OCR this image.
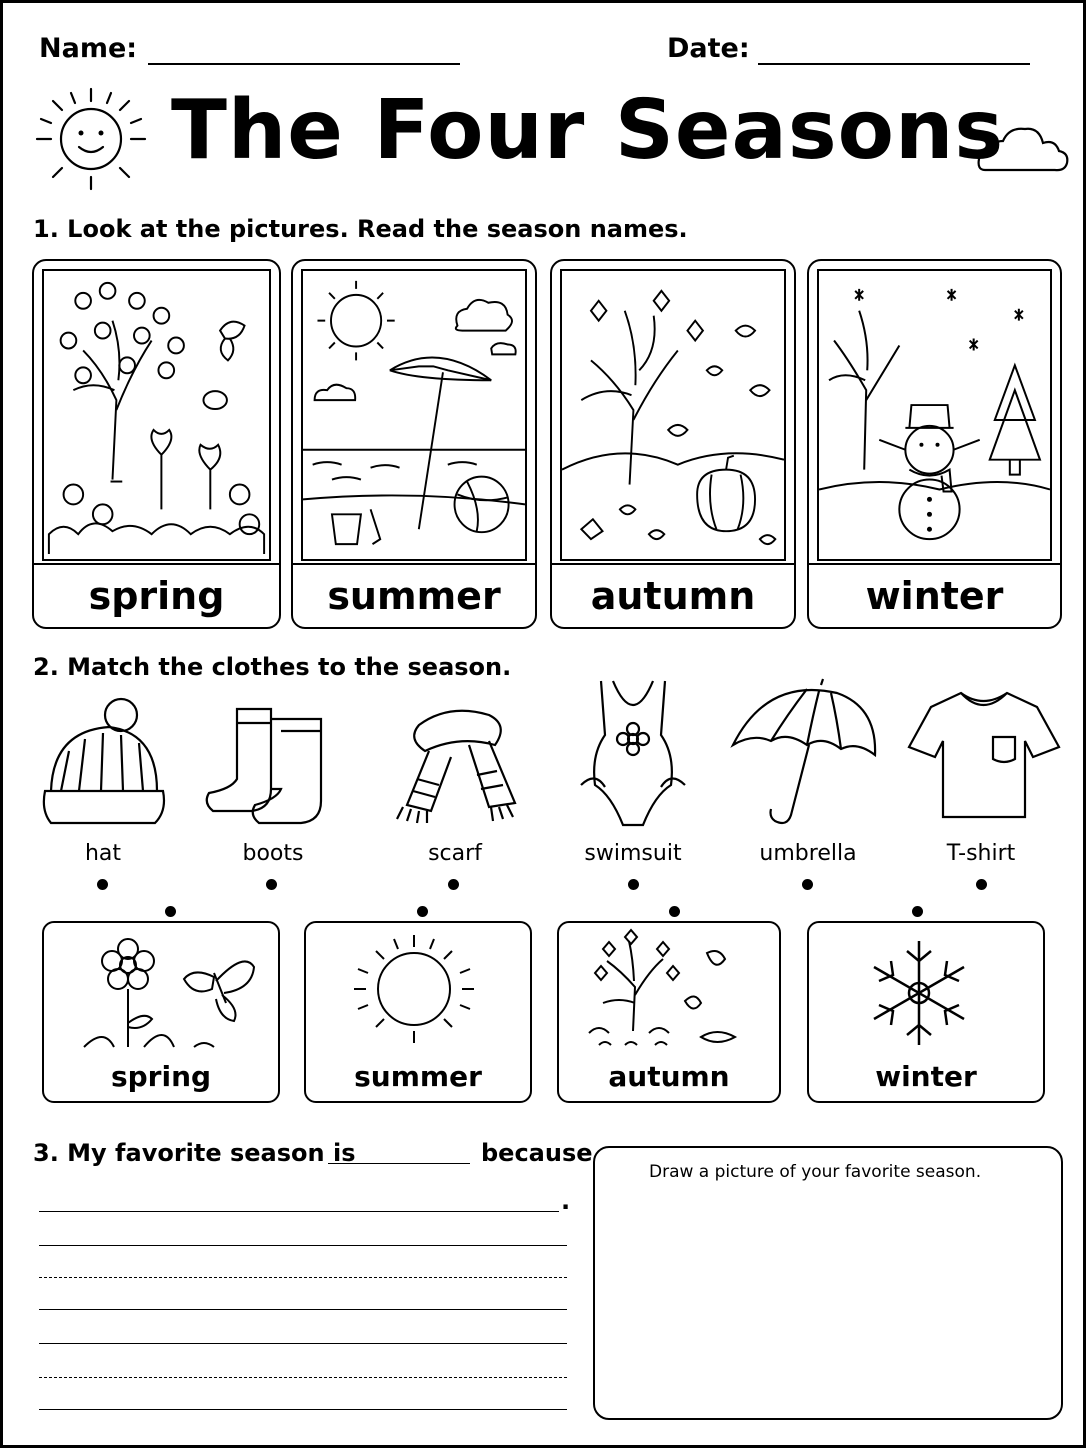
Name:	Date:
The Four Seasons
1. Look at the pictures. Read the season names.
spring	summer	autumn	winter
2. Match the clothes to the season.
hat	boots	scarf	swimsuit	umbrella	T-shirt
spring	summer	autumn	winter
3. My favorite season is	because
.
Draw a picture of your favorite season.
